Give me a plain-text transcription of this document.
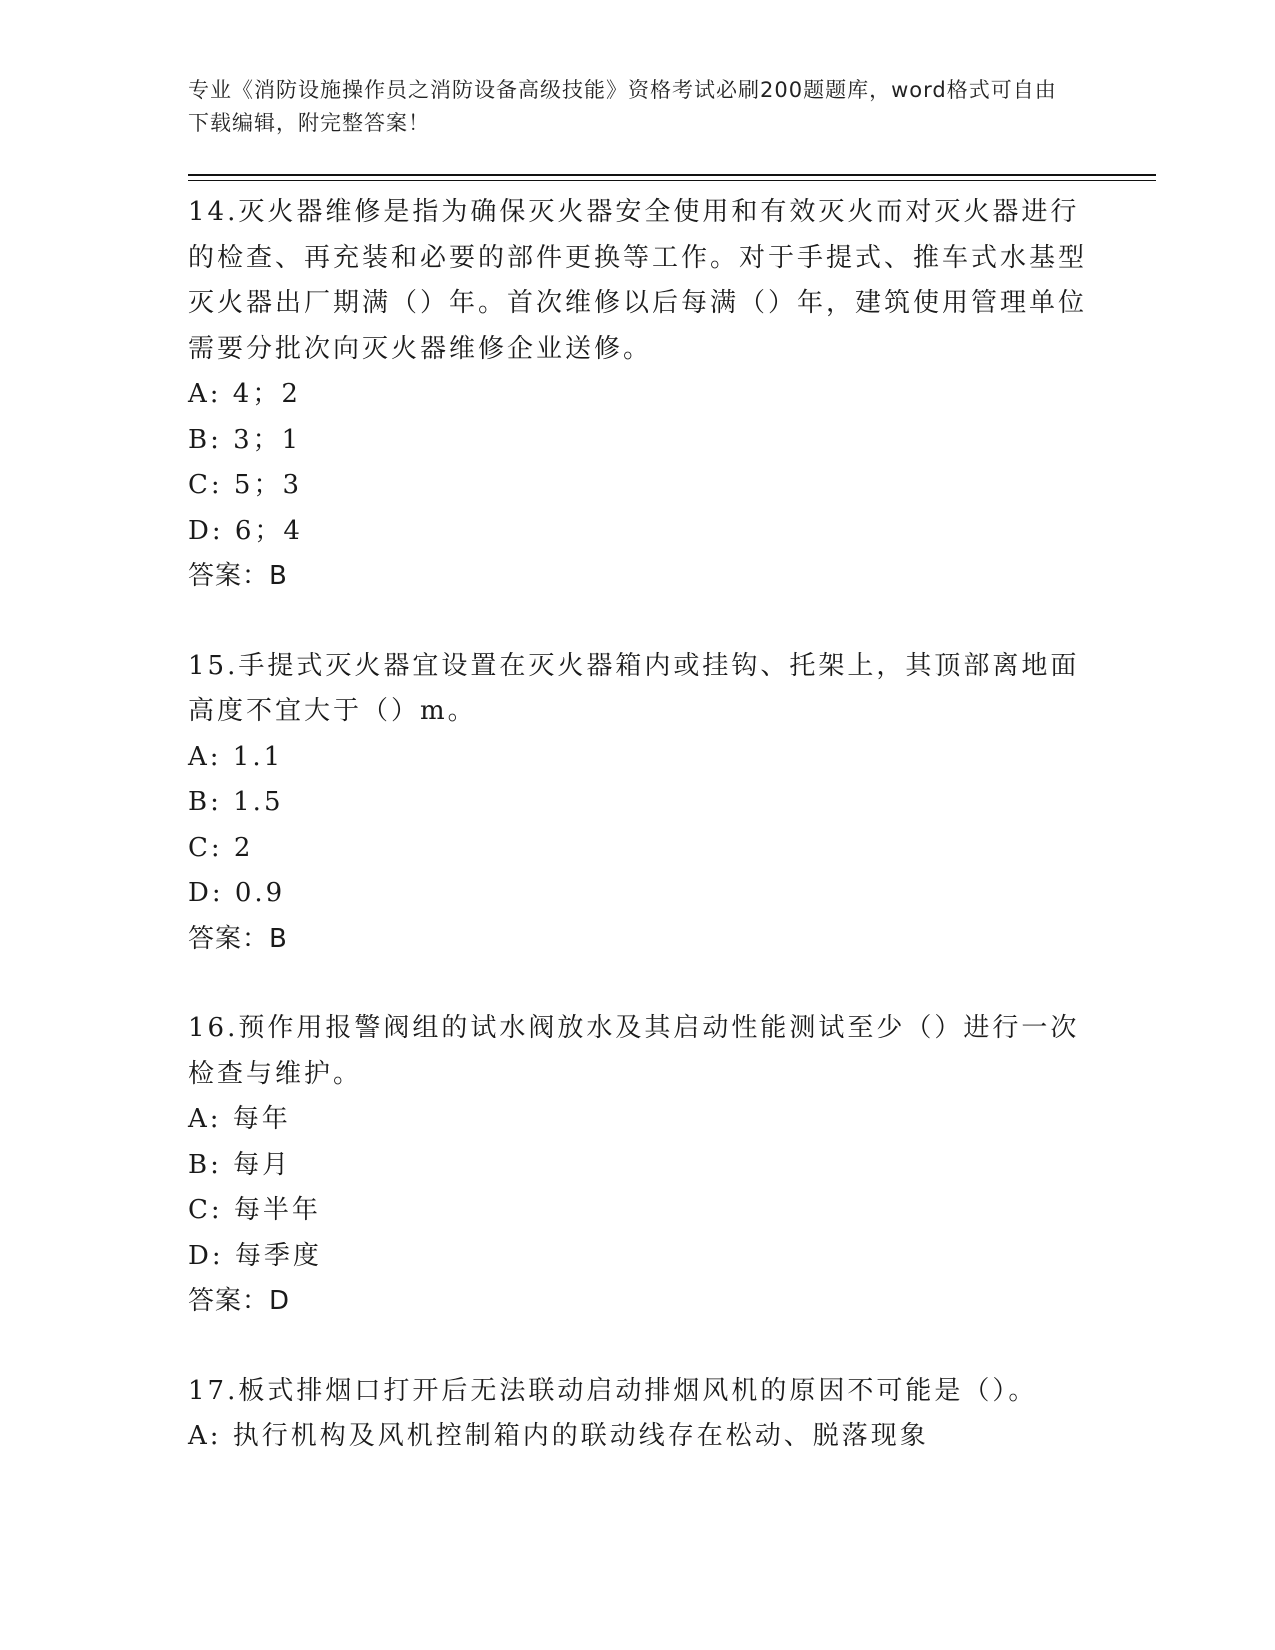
专业《消防设施操作员之消防设备高级技能》资格考试必刷200题题库，word格式可自由下载编辑，附完整答案！
14.灭火器维修是指为确保灭火器安全使用和有效灭火而对灭火器进行的检查、再充装和必要的部件更换等工作。对于手提式、推车式水基型灭火器出厂期满（）年。首次维修以后每满（）年，建筑使用管理单位需要分批次向灭火器维修企业送修。
A: 4；2
B: 3；1
C: 5；3
D: 6；4
答案：B
15.手提式灭火器宜设置在灭火器箱内或挂钩、托架上，其顶部离地面高度不宜大于（）m。
A: 1.1
B: 1.5
C: 2
D: 0.9
答案：B
16.预作用报警阀组的试水阀放水及其启动性能测试至少（）进行一次检查与维护。
A: 每年
B: 每月
C: 每半年
D: 每季度
答案：D
17.板式排烟口打开后无法联动启动排烟风机的原因不可能是（）。
A: 执行机构及风机控制箱内的联动线存在松动、脱落现象
